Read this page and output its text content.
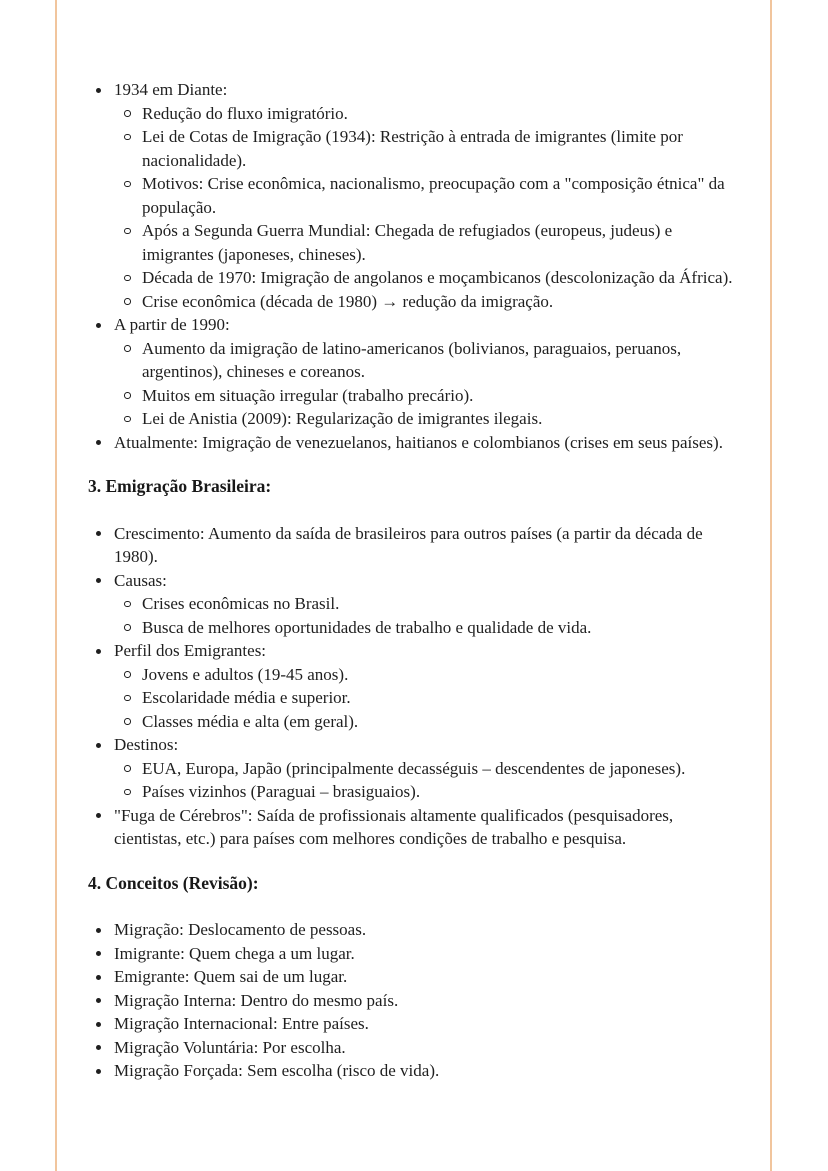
1934 em Diante:
Redução do fluxo imigratório.
Lei de Cotas de Imigração (1934): Restrição à entrada de imigrantes (limite por nacionalidade).
Motivos: Crise econômica, nacionalismo, preocupação com a "composição étnica" da população.
Após a Segunda Guerra Mundial: Chegada de refugiados (europeus, judeus) e imigrantes (japoneses, chineses).
Década de 1970: Imigração de angolanos e moçambicanos (descolonização da África).
Crise econômica (década de 1980) → redução da imigração.
A partir de 1990:
Aumento da imigração de latino-americanos (bolivianos, paraguaios, peruanos, argentinos), chineses e coreanos.
Muitos em situação irregular (trabalho precário).
Lei de Anistia (2009): Regularização de imigrantes ilegais.
Atualmente: Imigração de venezuelanos, haitianos e colombianos (crises em seus países).
3. Emigração Brasileira:
Crescimento: Aumento da saída de brasileiros para outros países (a partir da década de 1980).
Causas:
Crises econômicas no Brasil.
Busca de melhores oportunidades de trabalho e qualidade de vida.
Perfil dos Emigrantes:
Jovens e adultos (19-45 anos).
Escolaridade média e superior.
Classes média e alta (em geral).
Destinos:
EUA, Europa, Japão (principalmente decasséguis – descendentes de japoneses).
Países vizinhos (Paraguai – brasiguaios).
"Fuga de Cérebros": Saída de profissionais altamente qualificados (pesquisadores, cientistas, etc.) para países com melhores condições de trabalho e pesquisa.
4. Conceitos (Revisão):
Migração: Deslocamento de pessoas.
Imigrante: Quem chega a um lugar.
Emigrante: Quem sai de um lugar.
Migração Interna: Dentro do mesmo país.
Migração Internacional: Entre países.
Migração Voluntária: Por escolha.
Migração Forçada: Sem escolha (risco de vida).
